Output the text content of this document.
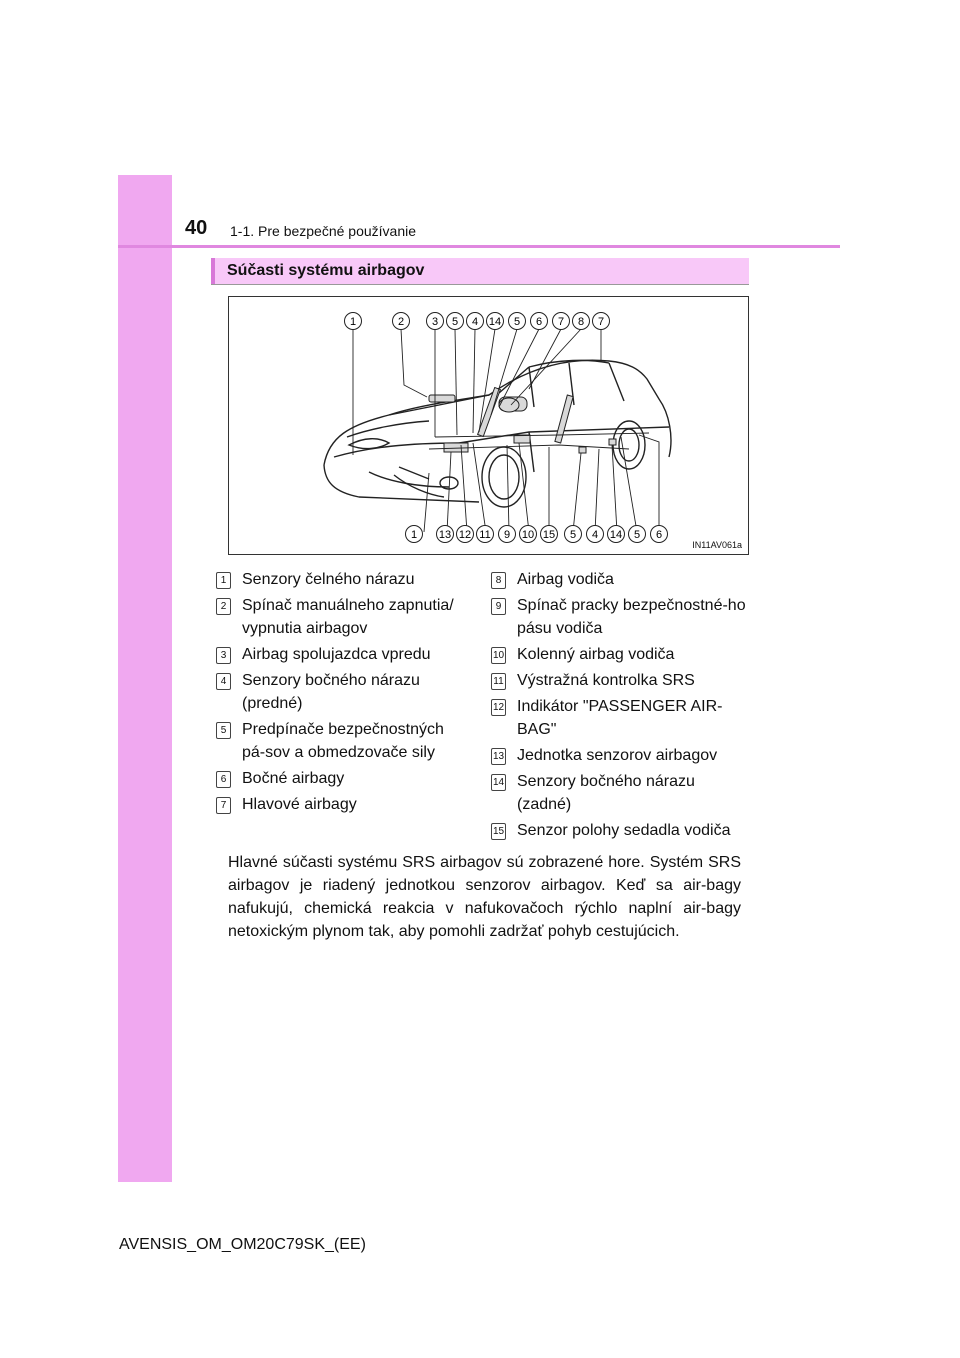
40 1-1. Pre bezpečné používanie
Súčasti systému airbagov
1	2	3 5 4 14 5 6 7 8 7
1 13 12 11 9 10 15 5 4 14 5 6
IN11AV061a
1 Senzory čelného nárazu
2 Spínač manuálneho zapnutia/ vypnutia airbagov
3 Airbag spolujazdca vpredu
4 Senzory bočného nárazu (predné)
5 Predpínače bezpečnostných pá-sov a obmedzovače sily
6 Bočné airbagy
7 Hlavové airbagy
8 Airbag vodiča
9 Spínač pracky bezpečnostné-ho pásu vodiča
10 Kolenný airbag vodiča
11 Výstražná kontrolka SRS
12 Indikátor "PASSENGER AIR-BAG"
13 Jednotka senzorov airbagov
14 Senzory bočného nárazu (zadné)
15 Senzor polohy sedadla vodiča
Hlavné súčasti systému SRS airbagov sú zobrazené hore. Systém SRS airbagov je riadený jednotkou senzorov airbagov. Keď sa air-bagy nafukujú, chemická reakcia v nafukovačoch rýchlo naplní air-bagy netoxickým plynom tak, aby pomohli zadržať pohyb cestujúcich.
AVENSIS_OM_OM20C79SK_(EE)
